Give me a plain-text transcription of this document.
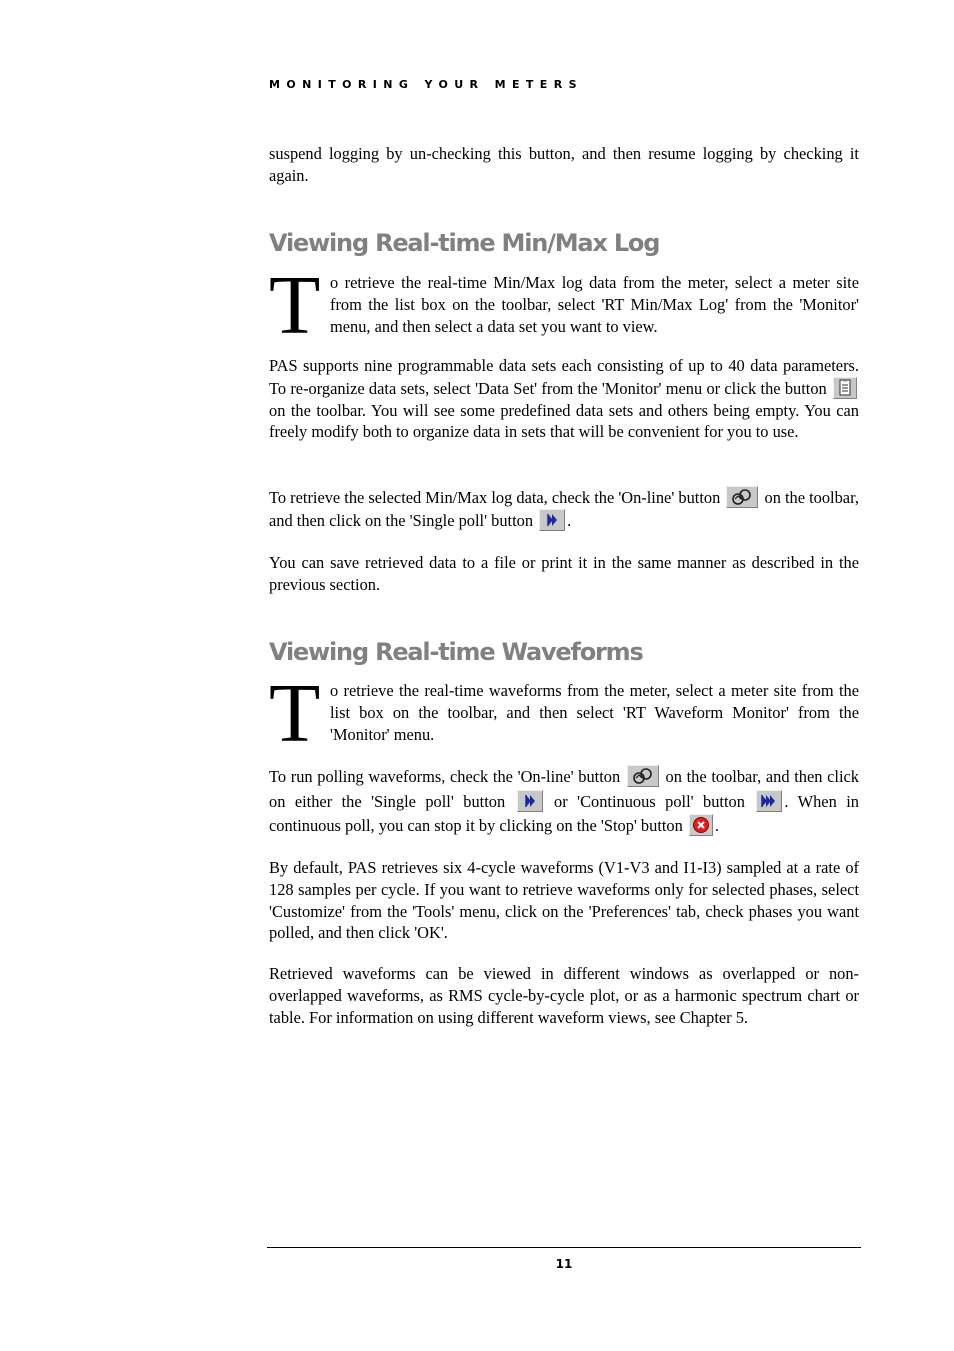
MONITORING YOUR METERS

suspend logging by un-checking this button, and then resume logging by checking it again.

Viewing Real-time Min/Max Log
T o retrieve the real-time Min/Max log data from the meter, select a meter site from the list box on the toolbar, select 'RT Min/Max Log' from the 'Monitor' menu, and then select a data set you want to view.

PAS supports nine programmable data sets each consisting of up to 40 data parameters. To re-organize data sets, select 'Data Set' from the 'Monitor' menu or click the button
on the toolbar. You will see some predefined data sets and others being empty. You can freely modify both to organize data in sets that will be convenient for you to use.

To retrieve the selected Min/Max log data, check the 'On-line' button	on the toolbar, and then click on the 'Single poll' button .

You can save retrieved data to a file or print it in the same manner as described in the previous section.

Viewing Real-time Waveforms
T o retrieve the real-time waveforms from the meter, select a meter site from the list box on the toolbar, and then select 'RT Waveform Monitor' from the 'Monitor' menu.

To run polling waveforms, check the 'On-line' button	on the toolbar, and then click on either the 'Single poll' button	or 'Continuous poll' button . When in continuous poll, you can stop it by clicking on the 'Stop' button .

By default, PAS retrieves six 4-cycle waveforms (V1-V3 and I1-I3) sampled at a rate of 128 samples per cycle. If you want to retrieve waveforms only for selected phases, select 'Customize' from the 'Tools' menu, click on the 'Preferences' tab, check phases you want polled, and then click 'OK'.

Retrieved waveforms can be viewed in different windows as overlapped or non-overlapped waveforms, as RMS cycle-by-cycle plot, or as a harmonic spectrum chart or table. For information on using different waveform views, see Chapter 5.

11
